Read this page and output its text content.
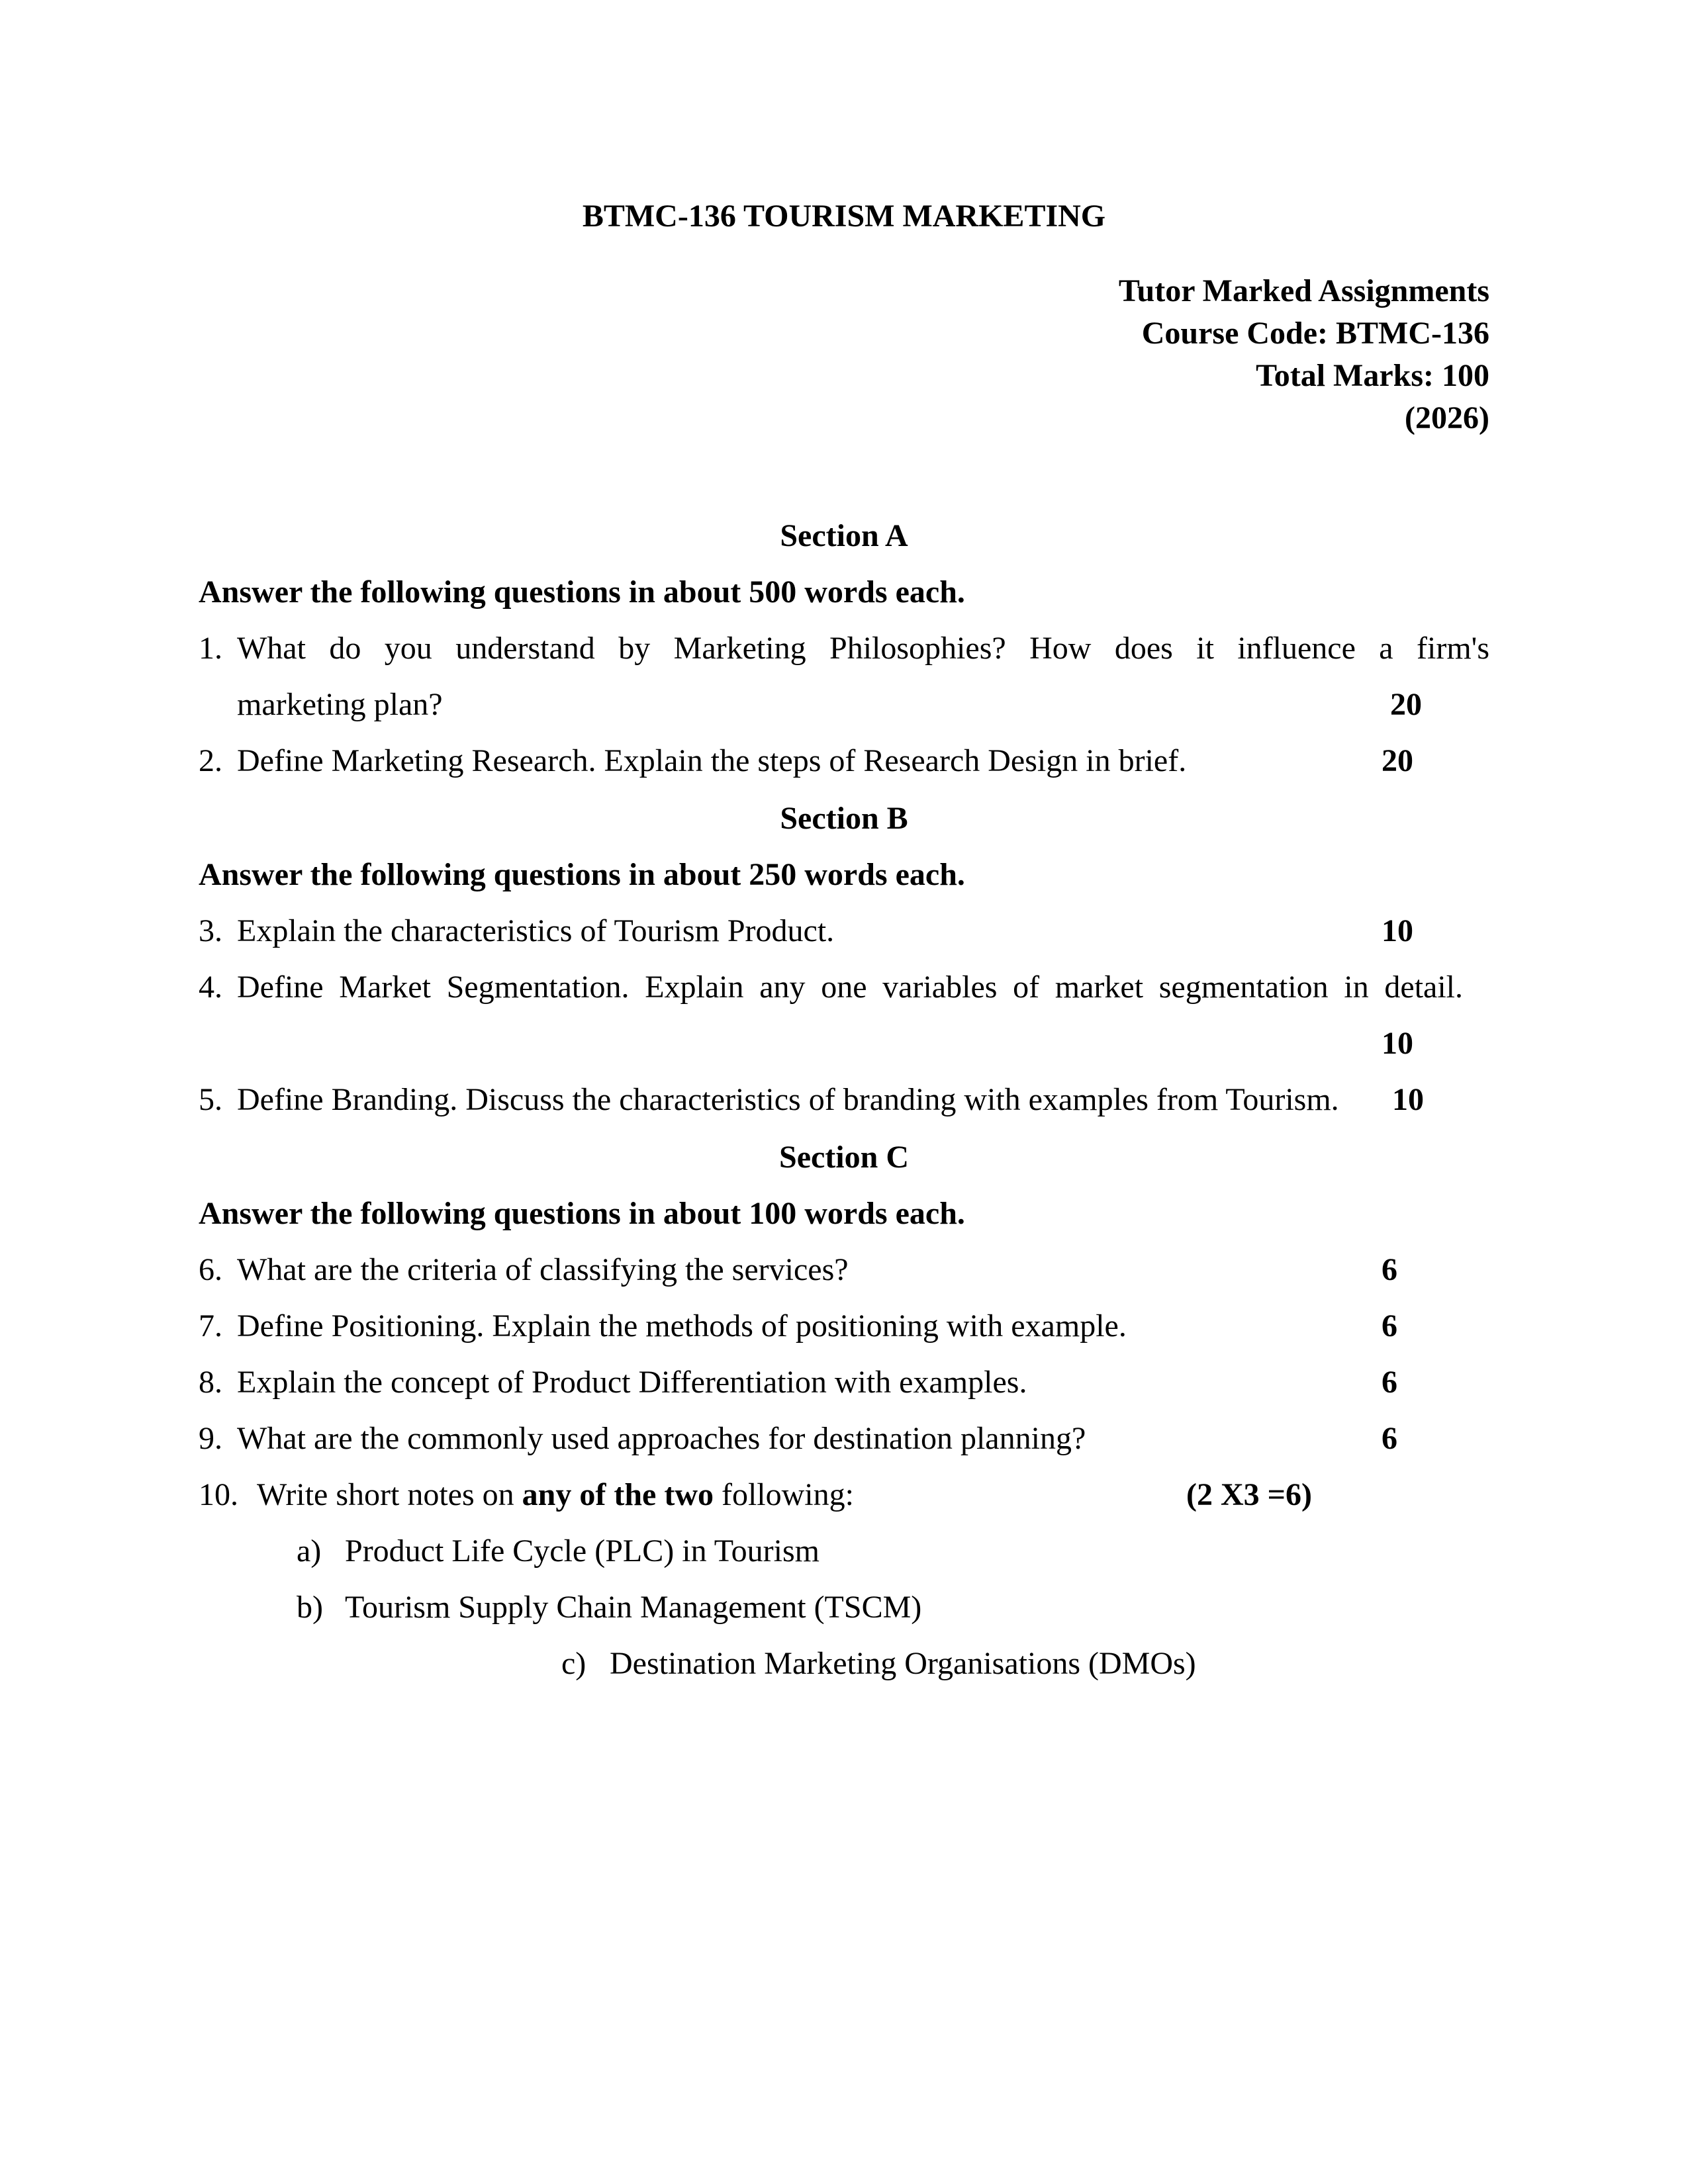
BTMC-136 TOURISM MARKETING
Tutor Marked Assignments
Course Code: BTMC-136
Total Marks: 100
(2026)
Section A
Answer the following questions in about 500 words each.
1. What do you understand by Marketing Philosophies? How does it influence a firm's
marketing plan?	20
2. Define Marketing Research. Explain the steps of Research Design in brief.	20
Section B
Answer the following questions in about 250 words each.
3. Explain the characteristics of Tourism Product.	10
4. Define Market Segmentation. Explain any one variables of market segmentation in detail.
10
5. Define Branding. Discuss the characteristics of branding with examples from Tourism. 10
Section C
Answer the following questions in about 100 words each.
6. What are the criteria of classifying the services?	6
7. Define Positioning. Explain the methods of positioning with example.	6
8. Explain the concept of Product Differentiation with examples.	6
9. What are the commonly used approaches for destination planning?	6
10. Write short notes on any of the two following:	(2 X3 =6)
a) Product Life Cycle (PLC) in Tourism
b) Tourism Supply Chain Management (TSCM)
c) Destination Marketing Organisations (DMOs)
